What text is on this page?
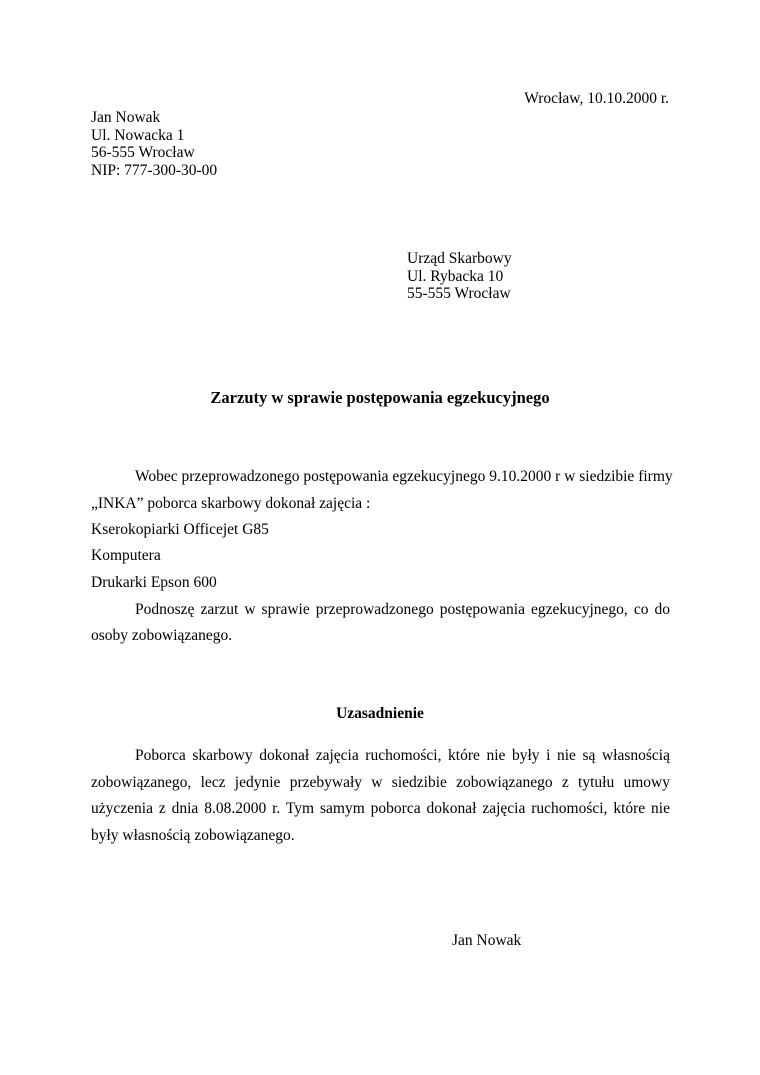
Wrocław, 10.10.2000 r.
Jan Nowak
Ul. Nowacka 1
56-555 Wrocław
NIP: 777-300-30-00
Urząd Skarbowy
Ul. Rybacka 10
55-555 Wrocław
Zarzuty w sprawie postępowania egzekucyjnego
Wobec przeprowadzonego postępowania egzekucyjnego 9.10.2000 r w siedzibie firmy
„INKA” poborca skarbowy dokonał zajęcia :
Kserokopiarki Officejet G85
Komputera
Drukarki Epson 600
Podnoszę zarzut w sprawie przeprowadzonego postępowania egzekucyjnego, co do
osoby zobowiązanego.
Uzasadnienie
Poborca skarbowy dokonał zajęcia ruchomości, które nie były i nie są własnością
zobowiązanego, lecz jedynie przebywały w siedzibie zobowiązanego z tytułu umowy
użyczenia z dnia 8.08.2000 r. Tym samym poborca dokonał zajęcia ruchomości, które nie
były własnością zobowiązanego.
Jan Nowak
